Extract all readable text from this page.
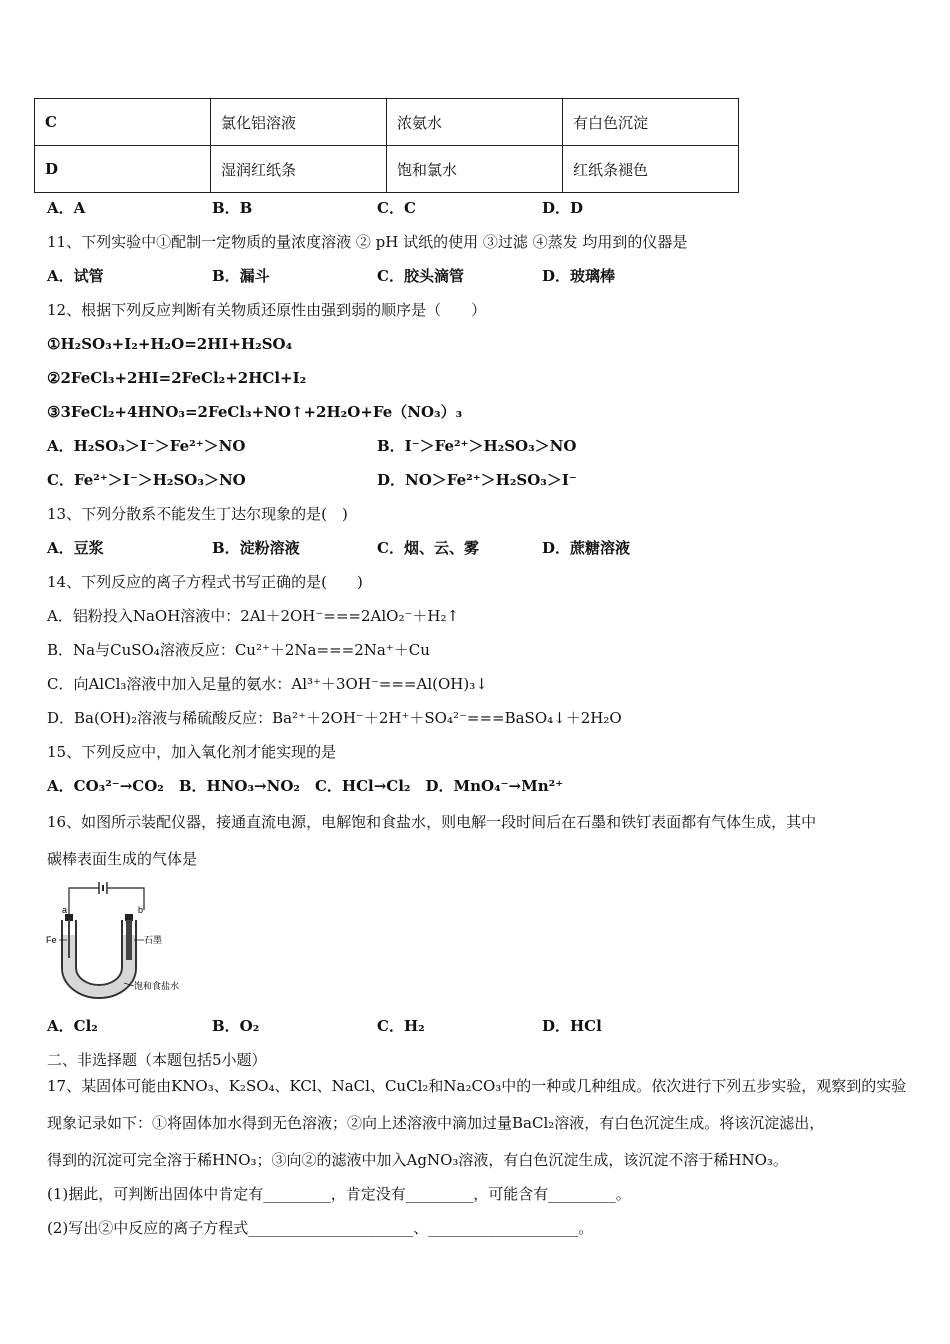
C	氯化铝溶液	浓氨水	有白色沉淀
D	湿润红纸条	饱和氯水	红纸条褪色
A．A	B．B	C．C	D．D
11、下列实验中①配制一定物质的量浓度溶液 ② pH 试纸的使用 ③过滤 ④蒸发 均用到的仪器是
A．试管	B．漏斗	C．胶头滴管	D．玻璃棒
12、根据下列反应判断有关物质还原性由强到弱的顺序是（　　）
①H₂SO₃+I₂+H₂O=2HI+H₂SO₄
②2FeCl₃+2HI=2FeCl₂+2HCl+I₂
③3FeCl₂+4HNO₃=2FeCl₃+NO↑+2H₂O+Fe（NO₃）₃
A．H₂SO₃＞I⁻＞Fe²⁺＞NO	B．I⁻＞Fe²⁺＞H₂SO₃＞NO
C．Fe²⁺＞I⁻＞H₂SO₃＞NO	D．NO＞Fe²⁺＞H₂SO₃＞I⁻
13、下列分散系不能发生丁达尔现象的是(　)
A．豆浆	B．淀粉溶液	C．烟、云、雾	D．蔗糖溶液
14、下列反应的离子方程式书写正确的是(　　)
A．铝粉投入NaOH溶液中：2Al＋2OH⁻===2AlO₂⁻＋H₂↑
B．Na与CuSO₄溶液反应：Cu²⁺＋2Na===2Na⁺＋Cu
C．向AlCl₃溶液中加入足量的氨水：Al³⁺＋3OH⁻===Al(OH)₃↓
D．Ba(OH)₂溶液与稀硫酸反应：Ba²⁺＋2OH⁻＋2H⁺＋SO₄²⁻===BaSO₄↓＋2H₂O
15、下列反应中，加入氧化剂才能实现的是
A．CO₃²⁻→CO₂　B．HNO₃→NO₂　C．HCl→Cl₂　D．MnO₄⁻→Mn²⁺
16、如图所示装配仪器，接通直流电源，电解饱和食盐水，则电解一段时间后在石墨和铁钉表面都有气体生成，其中
碳棒表面生成的气体是
a	b
Fe	石墨
饱和食盐水
A．Cl₂	B．O₂	C．H₂	D．HCl
二、非选择题（本题包括5小题）
17、某固体可能由KNO₃、K₂SO₄、KCl、NaCl、CuCl₂和Na₂CO₃中的一种或几种组成。依次进行下列五步实验，观察到的实验
现象记录如下：①将固体加水得到无色溶液；②向上述溶液中滴加过量BaCl₂溶液，有白色沉淀生成。将该沉淀滤出，
得到的沉淀可完全溶于稀HNO₃；③向②的滤液中加入AgNO₃溶液，有白色沉淀生成，该沉淀不溶于稀HNO₃。
(1)据此，可判断出固体中肯定有_________，肯定没有_________，可能含有_________。
(2)写出②中反应的离子方程式______________________、____________________。
